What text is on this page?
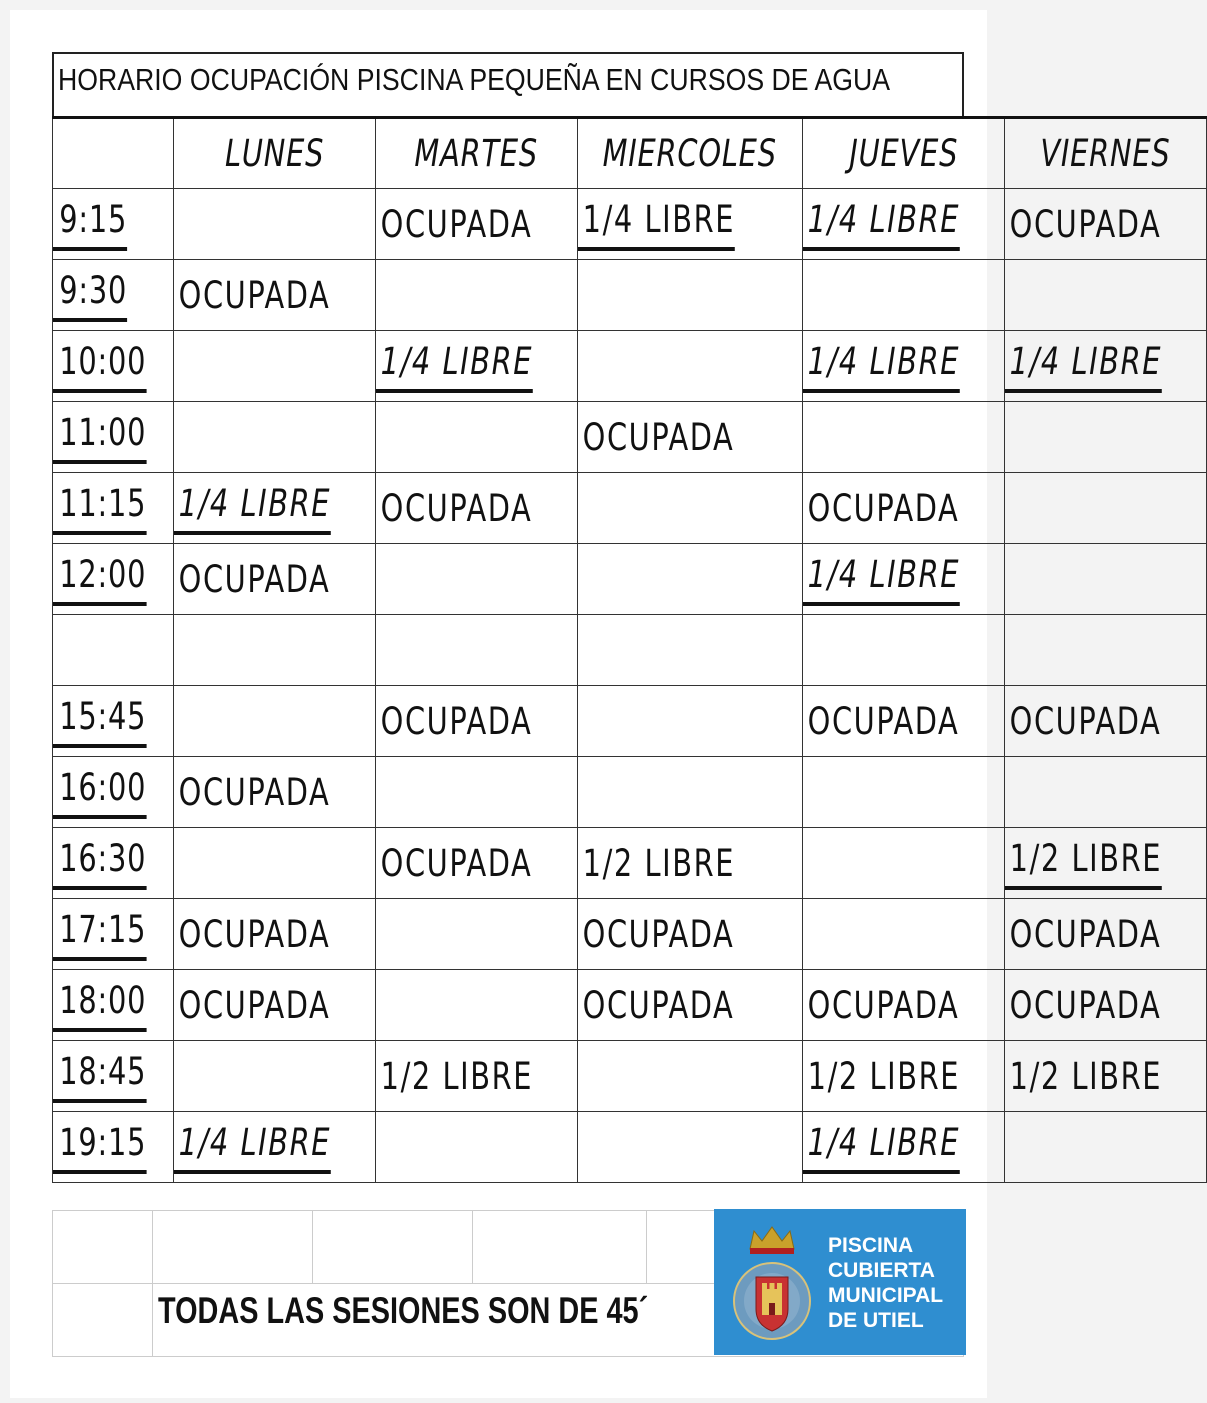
HORARIO OCUPACIÓN PISCINA PEQUEÑA EN CURSOS DE AGUA
	LUNES	MARTES	MIERCOLES	JUEVES	VIERNES
9:15		OCUPADA	1/4 LIBRE	1/4 LIBRE	OCUPADA
9:30	OCUPADA				
10:00		1/4 LIBRE		1/4 LIBRE	1/4 LIBRE
11:00			OCUPADA		
11:15	1/4 LIBRE	OCUPADA		OCUPADA	
12:00	OCUPADA			1/4 LIBRE	

15:45		OCUPADA		OCUPADA	OCUPADA
16:00	OCUPADA				
16:30		OCUPADA	1/2 LIBRE		1/2 LIBRE
17:15	OCUPADA		OCUPADA		OCUPADA
18:00	OCUPADA		OCUPADA	OCUPADA	OCUPADA
18:45		1/2 LIBRE		1/2 LIBRE	1/2 LIBRE
19:15	1/4 LIBRE			1/4 LIBRE	

TODAS LAS SESIONES SON DE 45´
PISCINA
CUBIERTA
MUNICIPAL
DE UTIEL
